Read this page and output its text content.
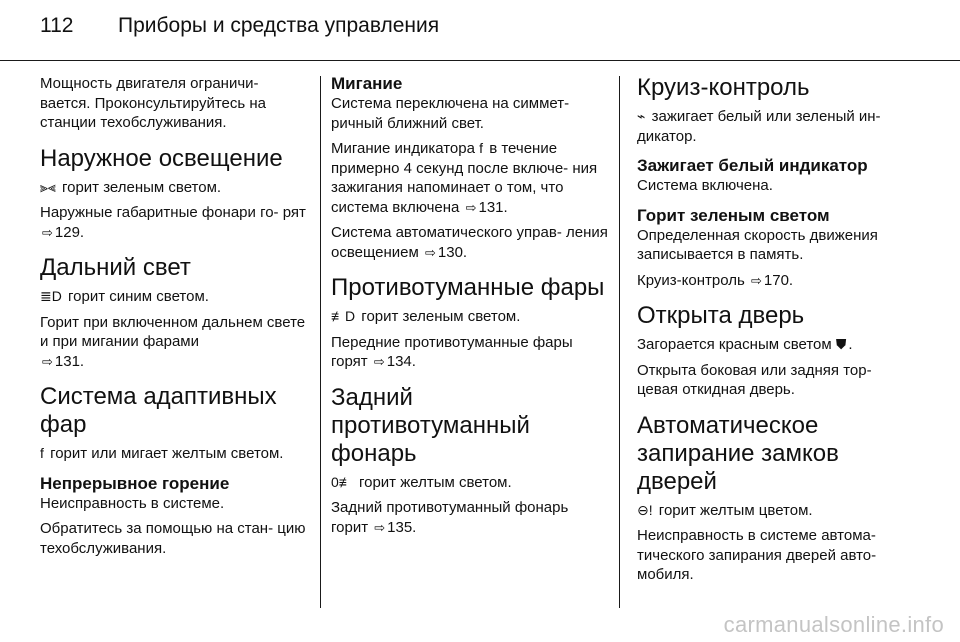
112	Приборы и средства управления

Мощность двигателя ограничи- вается. Проконсультируйтесь на станции техобслуживания.

Наружное освещение

⫸⫷ горит зеленым светом.

Наружные габаритные фонари го- рят ⇨ 129.

Дальний свет

≣D горит синим светом.

Горит при включенном дальнем свете и при мигании фарами
⇨ 131.

Система адаптивных фар

f горит или мигает желтым светом.

Непрерывное горение

Неисправность в системе.

Обратитесь за помощью на стан- цию техобслуживания.

Мигание

Система переключена на симмет- ричный ближний свет.

Мигание индикатора f в течение примерно 4 секунд после включе- ния зажигания напоминает о том, что система включена ⇨ 131.

Система автоматического управ- ления освещением ⇨ 130.

Противотуманные фары

≢D горит зеленым светом.

Передние противотуманные фары горят ⇨ 134.

Задний противотуманный фонарь

0≢ горит желтым светом.

Задний противотуманный фонарь горит ⇨ 135.

Круиз-контроль

⌁ зажигает белый или зеленый ин- дикатор.

Зажигает белый индикатор

Система включена.

Горит зеленым светом

Определенная скорость движения записывается в память.

Круиз-контроль ⇨ 170.

Открыта дверь

Загорается красным светом ⛊ .

Открыта боковая или задняя тор- цевая откидная дверь.

Автоматическое запирание замков дверей

⊖! горит желтым цветом.

Неисправность в системе автома- тического запирания дверей авто- мобиля.

carmanualsonline.info
